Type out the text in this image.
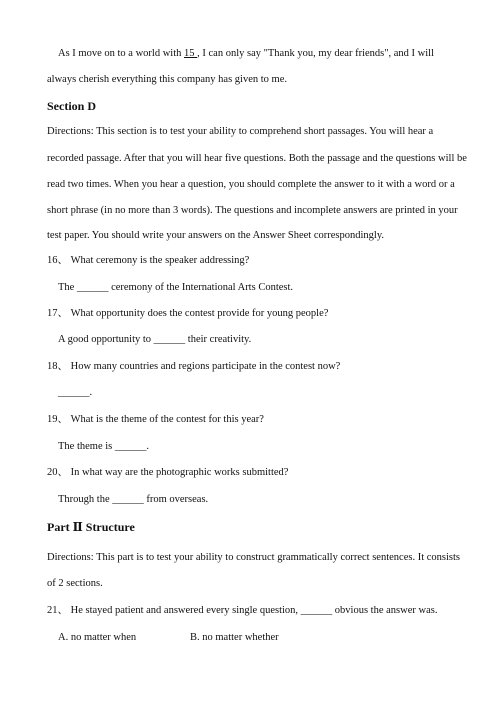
As I move on to a world with 15 , I can only say "Thank you, my dear friends", and I will
always cherish everything this company has given to me.
Section D
Directions: This section is to test your ability to comprehend short passages. You will hear a
recorded passage. After that you will hear five questions. Both the passage and the questions will be
read two times. When you hear a question, you should complete the answer to it with a word or a
short phrase (in no more than 3 words). The questions and incomplete answers are printed in your
test paper. You should write your answers on the Answer Sheet correspondingly.
16、 What ceremony is the speaker addressing?
The ______ ceremony of the International Arts Contest.
17、 What opportunity does the contest provide for young people?
A good opportunity to ______ their creativity.
18、 How many countries and regions participate in the contest now?
______.
19、 What is the theme of the contest for this year?
The theme is ______.
20、 In what way are the photographic works submitted?
Through the ______ from overseas.
Part Ⅱ Structure
Directions: This part is to test your ability to construct grammatically correct sentences. It consists
of 2 sections.
21、 He stayed patient and answered every single question, ______ obvious the answer was.
A. no matter when	B. no matter whether
